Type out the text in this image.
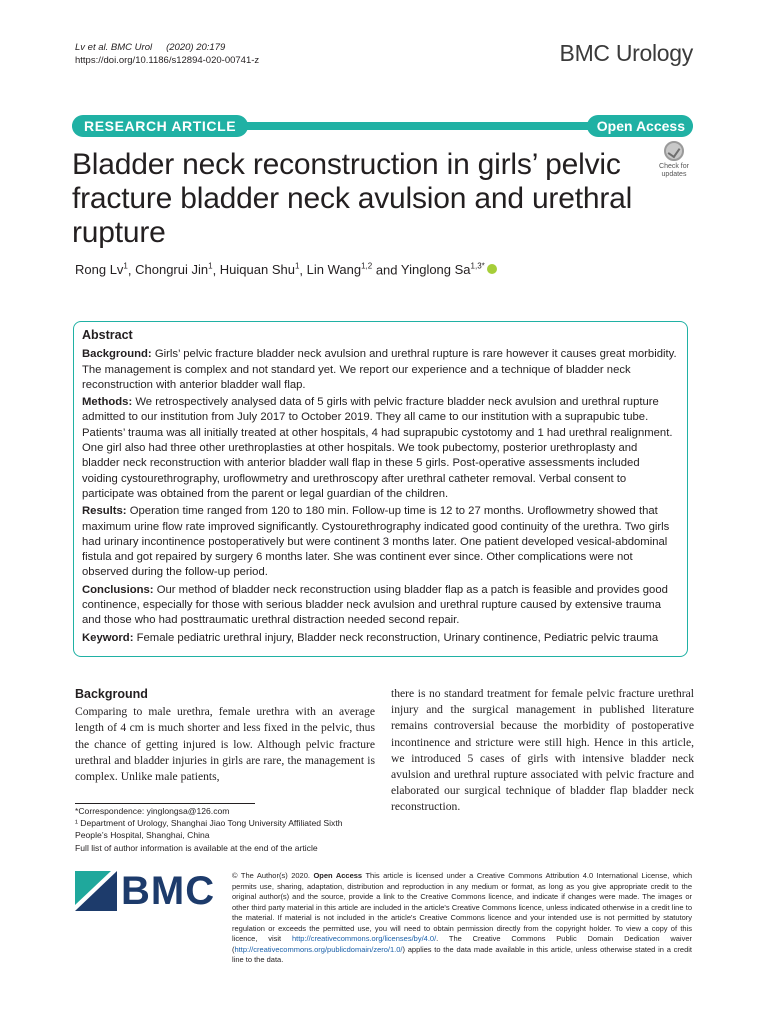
Lv et al. BMC Urol (2020) 20:179
https://doi.org/10.1186/s12894-020-00741-z	BMC Urology
RESEARCH ARTICLE	Open Access
Check for
updates
Bladder neck reconstruction in girls’ pelvic fracture bladder neck avulsion and urethral rupture
Rong Lv$^1$, Chongrui Jin$^1$, Huiquan Shu$^1$, Lin Wang$^{1,2}$ and Yinglong $Sa^{1,3*}$
Abstract

Background: Girls’ pelvic fracture bladder neck avulsion and urethral rupture is rare however it causes great morbidity. The management is complex and not standard yet. We report our experience and a technique of bladder neck reconstruction with anterior bladder wall flap.

Methods: We retrospectively analysed data of 5 girls with pelvic fracture bladder neck avulsion and urethral rupture admitted to our institution from July 2017 to October 2019. They all came to our institution with a suprapubic tube. Patients’ trauma was all initially treated at other hospitals, 4 had suprapubic cystotomy and 1 had urethral realignment. One girl also had three other urethroplasties at other hospitals. We took pubectomy, posterior urethroplasty and bladder neck reconstruction with anterior bladder wall flap in these 5 girls. Post-operative assessments included voiding cystourethrography, uroflowmetry and urethroscopy after urethral catheter removal. Verbal consent to participate was obtained from the parent or legal guardian of the children.

Results: Operation time ranged from 120 to 180 min. Follow-up time is 12 to 27 months. Uroflowmetry showed that maximum urine flow rate improved significantly. Cystourethrography indicated good continuity of the urethra. Two girls had urinary incontinence postoperatively but were continent 3 months later. One patient developed vesical-abdominal fistula and got repaired by surgery 6 months later. She was continent ever since. Other complications were not observed during the follow-up period.

Conclusions: Our method of bladder neck reconstruction using bladder flap as a patch is feasible and provides good continence, especially for those with serious bladder neck avulsion and urethral rupture caused by extensive trauma and those who had posttraumatic urethral distraction needed second repair.

Keyword: Female pediatric urethral injury, Bladder neck reconstruction, Urinary continence, Pediatric pelvic trauma

Background
Comparing to male urethra, female urethra with an average length of 4 cm is much shorter and less fixed in the pelvic, thus the chance of getting injured is low. Although pelvic fracture urethral and bladder injuries in girls are rare, the management is complex. Unlike male patients,
there is no standard treatment for female pelvic fracture urethral injury and the surgical management in published literature remains controversial because the morbidity of postoperative incontinence and stricture were still high. Hence in this article, we introduced 5 cases of girls with intensive bladder neck avulsion and urethral rupture associated with pelvic fracture and elaborated our surgical technique of bladder flap bladder neck reconstruction.
*Correspondence: yinglongsa@126.com
¹ Department of Urology, Shanghai Jiao Tong University Affiliated Sixth People’s Hospital, Shanghai, China
Full list of author information is available at the end of the article
BMC © The Author(s) 2020. Open Access This article is licensed under a Creative Commons Attribution 4.0 International License, which permits use, sharing, adaptation, distribution and reproduction in any medium or format, as long as you give appropriate credit to the original author(s) and the source, provide a link to the Creative Commons licence, and indicate if changes were made. The images or other third party material in this article are included in the article's Creative Commons licence, unless indicated otherwise in a credit line to the material. If material is not included in the article's Creative Commons licence and your intended use is not permitted by statutory regulation or exceeds the permitted use, you will need to obtain permission directly from the copyright holder. To view a copy of this licence, visit http://creativecommons.org/licenses/by/4.0/. The Creative Commons Public Domain Dedication waiver (http://creativecommons.org/publicdomain/zero/1.0/) applies to the data made available in this article, unless otherwise stated in a credit line to the data.
